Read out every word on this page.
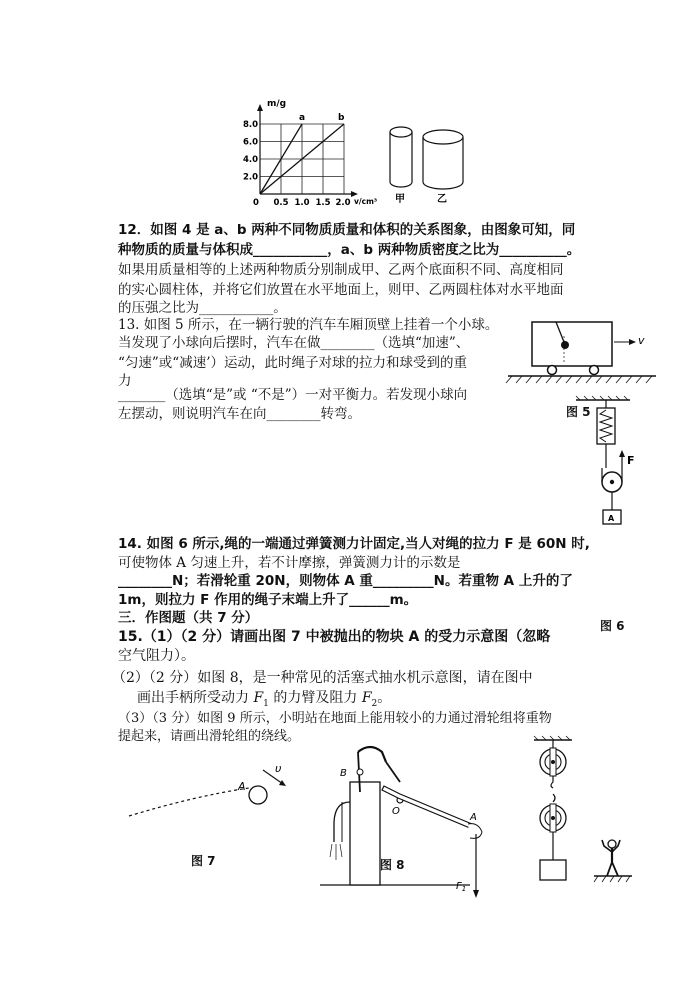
m/g
a	b
8.0
6.0
4.0
2.0
0 0.5 1.0 1.5 2.0 v/cm³ 甲	乙
12．如图 4 是 a、b 两种不同物质质量和体积的关系图象，由图象可知，同
种物质的质量与体积成___________，a、b 两种物质密度之比为__________。
如果用质量相等的上述两种物质分别制成甲、乙两个底面积不同、高度相同
的实心圆柱体，并将它们放置在水平地面上，则甲、乙两圆柱体对水平地面
的压强之比为___________。
13. 如图 5 所示，在一辆行驶的汽车车厢顶壁上挂着一个小球。
当发现了小球向后摆时，汽车在做________（选填“加速”、
“匀速”或“减速’）运动，此时绳子对球的拉力和球受到的重
力
_______（选填“是”或 “不是”）一对平衡力。若发现小球向
左摆动，则说明汽车在向________转弯。
v
图 5
F
A
14. 如图 6 所示,绳的一端通过弹簧测力计固定,当人对绳的拉力 F 是 60N 时,
可使物体 A 匀速上升，若不计摩擦，弹簧测力计的示数是
________N；若滑轮重 20N，则物体 A 重_________N。若重物 A 上升的了
1m，则拉力 F 作用的绳子末端上升了______m。
图 6
三．作图题（共 7 分）
15.（1）（2 分）请画出图 7 中被抛出的物块 A 的受力示意图（忽略
空气阻力）。
（2）（2 分）如图 8，是一种常见的活塞式抽水机示意图，请在图中
画出手柄所受动力 $F_1$ 的力臂及阻力 $F_2$。
（3）（3 分）如图 9 所示，小明站在地面上能用较小的力通过滑轮组将重物
提起来，请画出滑轮组的绕线。
A
υ
图 7
B
O
A
$F_1$
图 8
